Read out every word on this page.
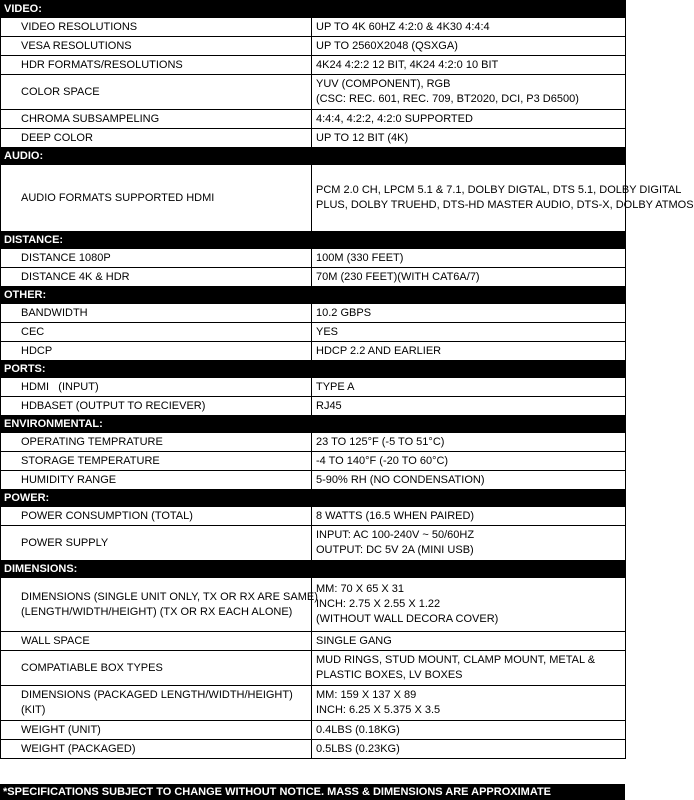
VIDEO:	
VIDEO RESOLUTIONS	UP TO 4K 60HZ 4:2:0 & 4K30 4:4:4
VESA RESOLUTIONS	UP TO 2560X2048 (QSXGA)
HDR FORMATS/RESOLUTIONS	4K24 4:2:2 12 BIT, 4K24 4:2:0 10 BIT
COLOR SPACE	YUV (COMPONENT), RGB
(CSC: REC. 601, REC. 709, BT2020, DCI, P3 D6500)

CHROMA SUBSAMPELING	4:4:4, 4:2:2, 4:2:0 SUPPORTED
DEEP COLOR	UP TO 12 BIT (4K)
AUDIO:	
AUDIO FORMATS SUPPORTED HDMI	PCM 2.0 CH, LPCM 5.1 & 7.1, DOLBY DIGTAL, DTS 5.1, DOLBY DIGITAL
PLUS, DOLBY TRUEHD, DTS-HD MASTER AUDIO, DTS-X, DOLBY ATMOS

DISTANCE:	
DISTANCE 1080P	100M (330 FEET)
DISTANCE 4K & HDR	70M (230 FEET)(WITH CAT6A/7)
OTHER:	
BANDWIDTH	10.2 GBPS
CEC	YES
HDCP	HDCP 2.2 AND EARLIER
PORTS:	
HDMI   (INPUT)	TYPE A
HDBASET (OUTPUT TO RECIEVER)	RJ45
ENVIRONMENTAL:	
OPERATING TEMPRATURE	23 TO 125°F (-5 TO 51°C)
STORAGE TEMPERATURE	-4 TO 140°F (-20 TO 60°C)
HUMIDITY RANGE	5-90% RH (NO CONDENSATION)
POWER:	
POWER CONSUMPTION (TOTAL)	8 WATTS (16.5 WHEN PAIRED)
POWER SUPPLY	INPUT: AC 100-240V ~ 50/60HZ
OUTPUT: DC 5V 2A (MINI USB)

DIMENSIONS:	

DIMENSIONS (SINGLE UNIT ONLY, TX OR RX ARE SAME)
(LENGTH/WIDTH/HEIGHT) (TX OR RX EACH ALONE)	MM: 70 X 65 X 31
INCH: 2.75 X 2.55 X 1.22
(WITHOUT WALL DECORA COVER)

WALL SPACE	SINGLE GANG
COMPATIABLE BOX TYPES	MUD RINGS, STUD MOUNT, CLAMP MOUNT, METAL &
PLASTIC BOXES, LV BOXES

DIMENSIONS (PACKAGED LENGTH/WIDTH/HEIGHT) (KIT)	MM: 159 X 137 X 89
INCH: 6.25 X 5.375 X 3.5

WEIGHT (UNIT)	0.4LBS (0.18KG)
WEIGHT (PACKAGED)	0.5LBS (0.23KG)
*SPECIFICATIONS SUBJECT TO CHANGE WITHOUT NOTICE. MASS & DIMENSIONS ARE APPROXIMATE
